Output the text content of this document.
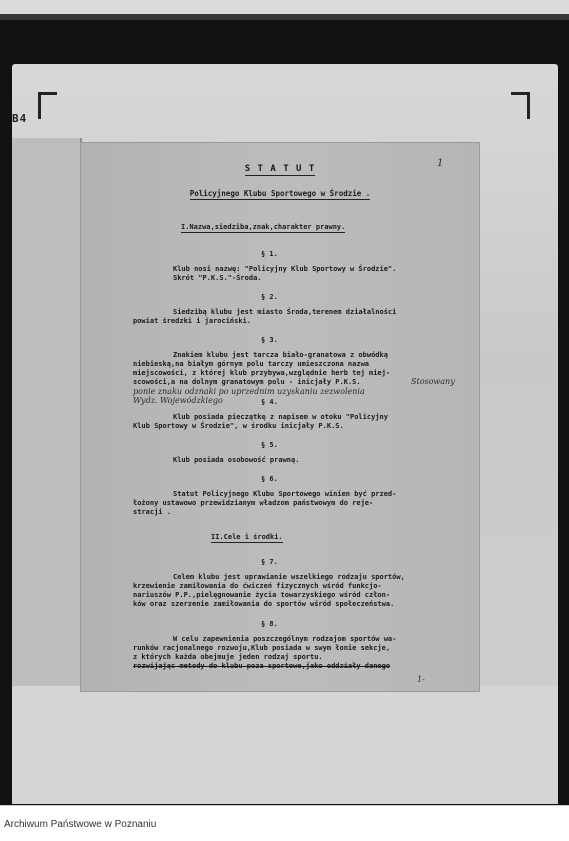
B4
1
S T A T U T
Policyjnego Klubu Sportowego w Środzie .
I.Nazwa,siedziba,znak,charakter prawny.
§ 1.
Klub nosi nazwę: "Policyjny Klub Sportowy w Środzie".
Skrót "P.K.S."-Środa.
§ 2.
Siedzibą klubu jest miasto Środa,terenem działalności
powiat średzki i jarociński.
§ 3.
Znakiem klubu jest tarcza biało-granatowa z obwódką
niebieską,na białym górnym polu tarczy umieszczona nazwa
miejscowości, z której klub przybywa,względnie herb tej miej-
scowości,a na dolnym granatowym polu - inicjały P.K.S.	Stosowany
ponie znaku odznaki po uprzednim uzyskaniu zezwolenia
Wydz. Wojewódzkiego	§ 4.
Klub posiada pieczątkę z napisem w otoku "Policyjny
Klub Sportowy w Środzie", w środku inicjały P.K.S.
§ 5.
Klub posiada osobowość prawną.
§ 6.
Statut Policyjnego Klubu Sportowego winien być przed-
łożony ustawowo przewidzianym władzom państwowym do reje-
stracji .
II.Cele i środki.
§ 7.
Celem klubu jest uprawianie wszelkiego rodzaju sportów,
krzewienie zamiłowania do ćwiczeń fizycznych wśród funkcjo-
nariuszów P.P.,pielęgnowanie życia towarzyskiego wśród człon-
ków oraz szerzenie zamiłowania do sportów wśród społeczeństwa.
§ 8.
W celu zapewnienia poszczególnym rodzajom sportów wa-
runków racjonalnego rozwoju,Klub posiada w swym łonie sekcje,
z których każda obejmuje jeden rodzaj sportu.
rozwijając metody do klubu poza sportowe,jako oddziały danego
1-
Archiwum Państwowe w Poznaniu
